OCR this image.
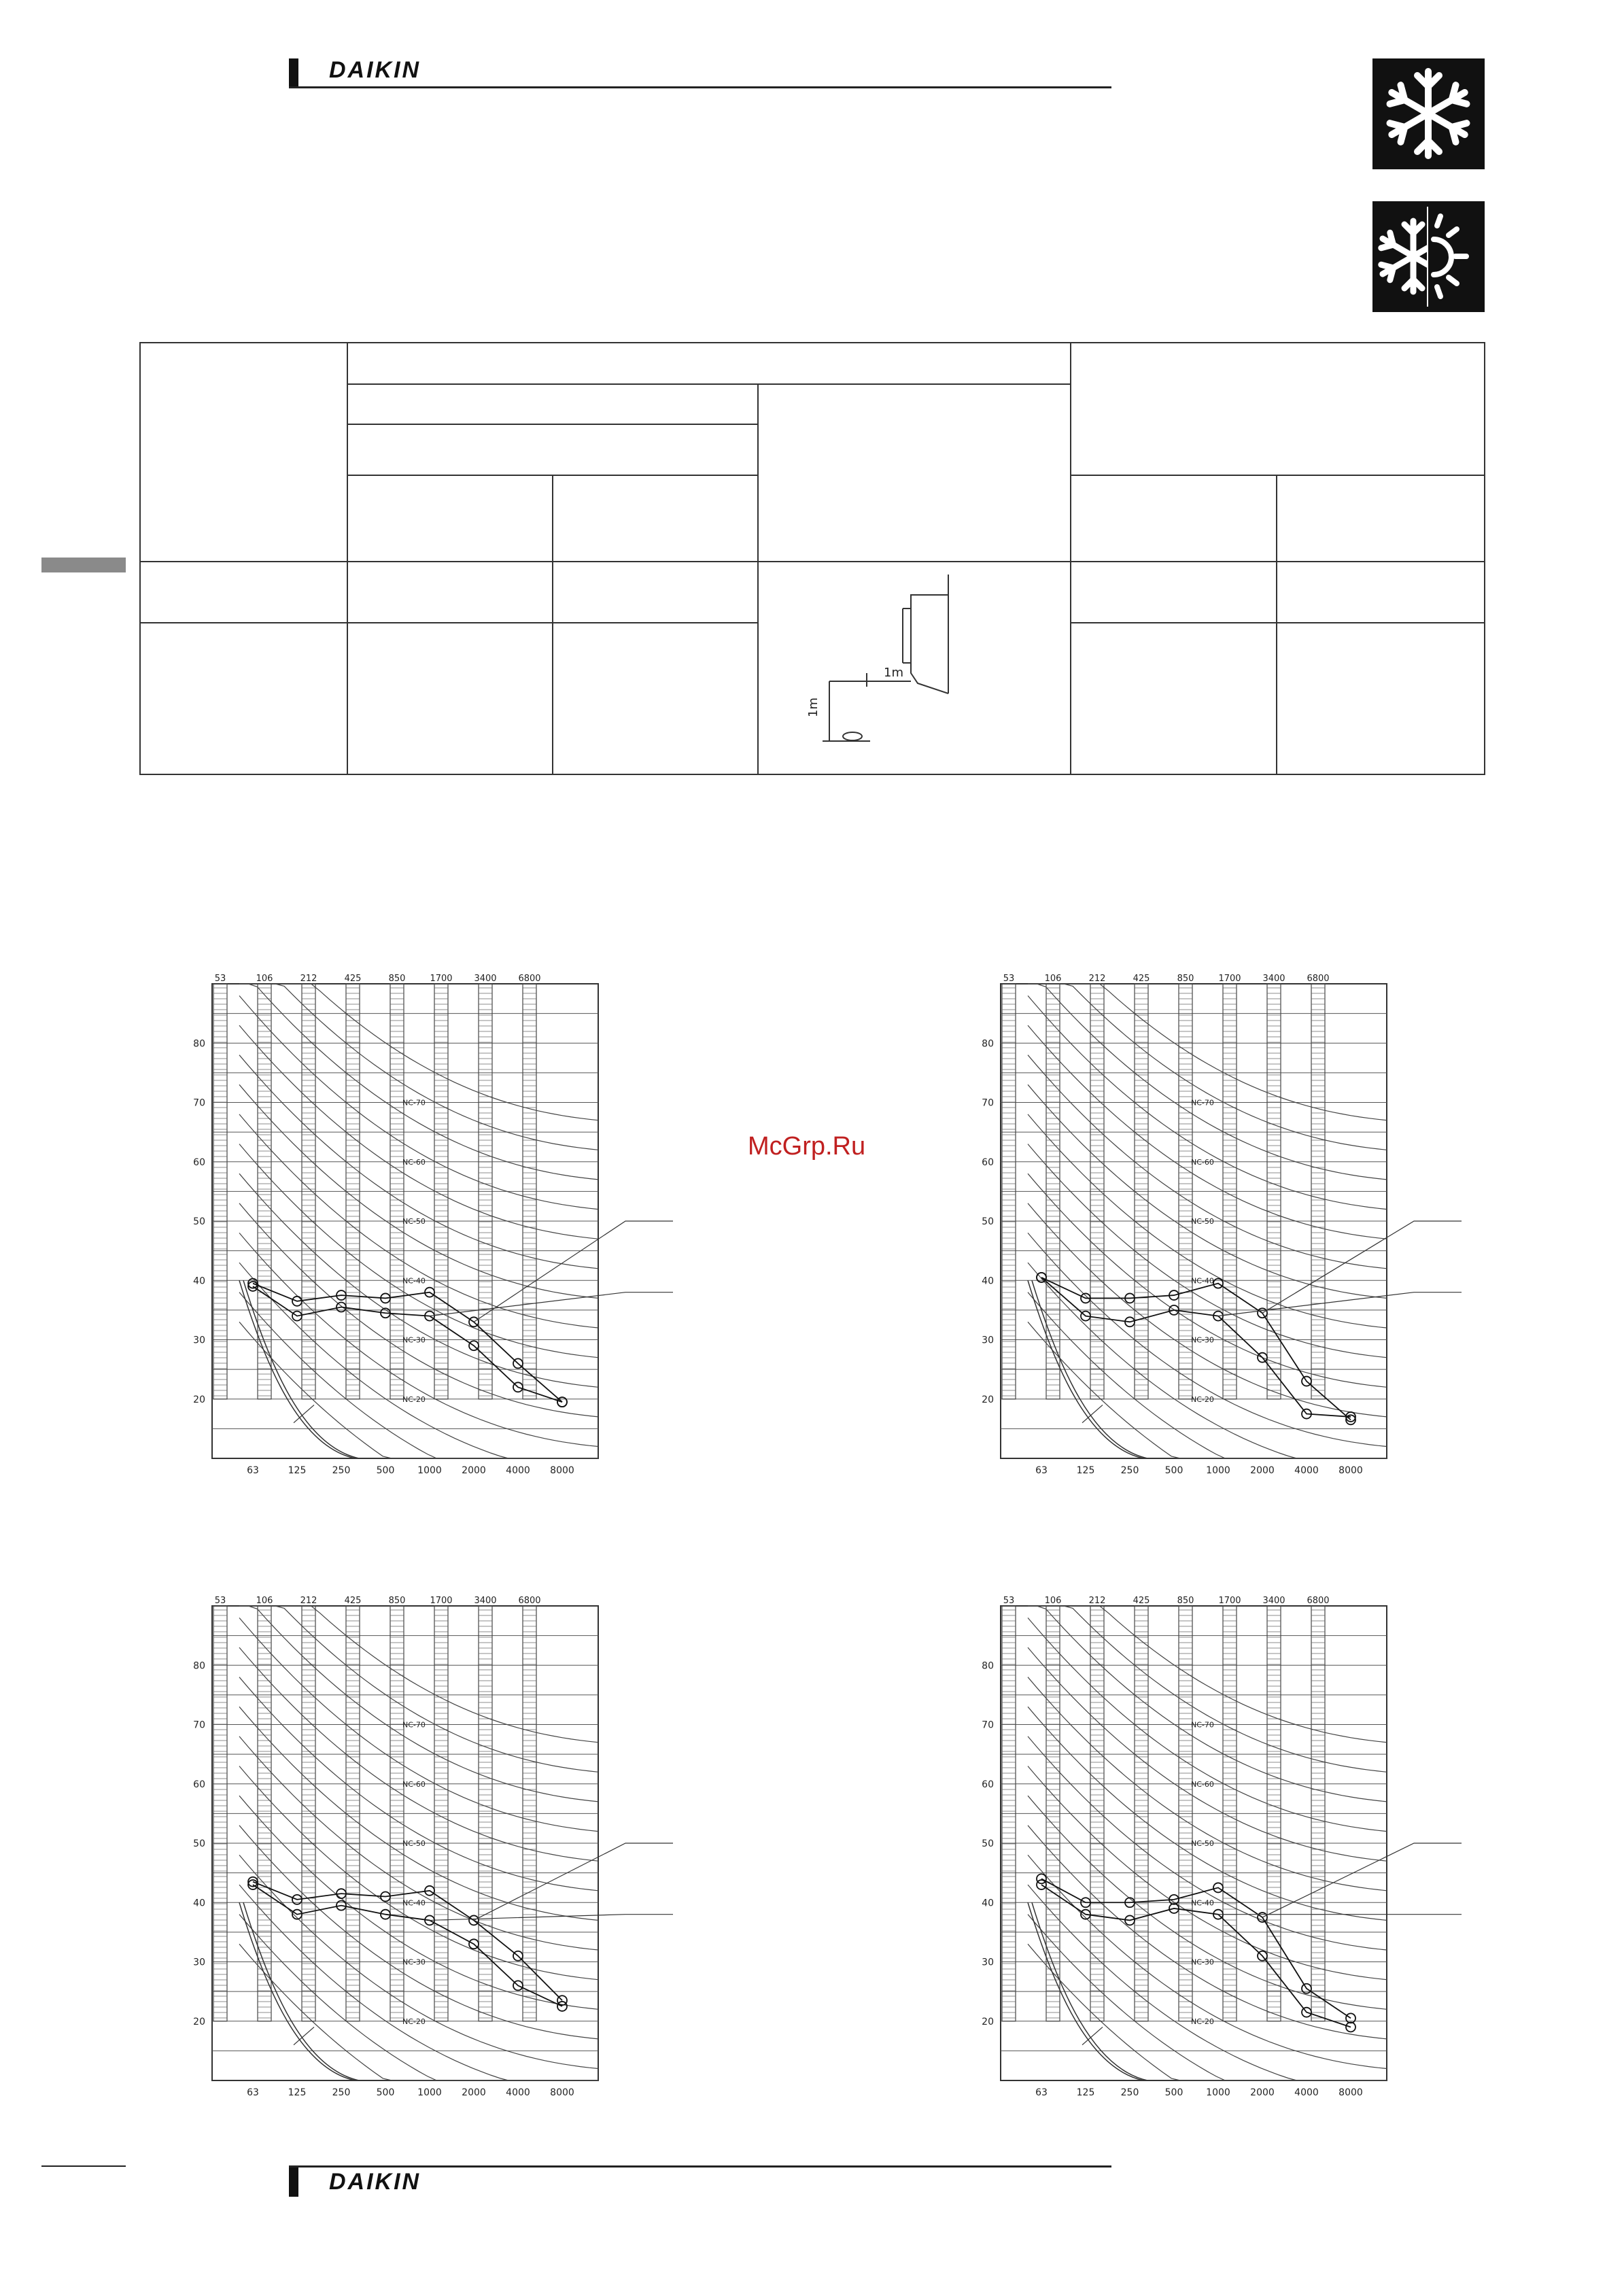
DAIKIN
1m
1m
McGrp.Ru
53	106	212	425	850	1700 3400 6800
63	125	250	500 1000 2000 4000 8000
20
30
40
50
60
70
80
NC-70
NC-60
NC-50
NC-40
NC-30
NC-20
53	106	212	425	850	1700 3400 6800
63	125	250	500 1000 2000 4000 8000
20
30
40
50
60
70
80
NC-70
NC-60
NC-50
NC-40
NC-30
NC-20
53	106	212	425	850	1700 3400 6800
63	125	250	500 1000 2000 4000 8000
20
30
40
50
60
70
80
NC-70
NC-60
NC-50
NC-40
NC-30
NC-20
53	106	212	425	850	1700 3400 6800
63	125	250	500 1000 2000 4000 8000
20
30
40
50
60
70
80
NC-70
NC-60
NC-50
NC-40
NC-30
NC-20
DAIKIN
